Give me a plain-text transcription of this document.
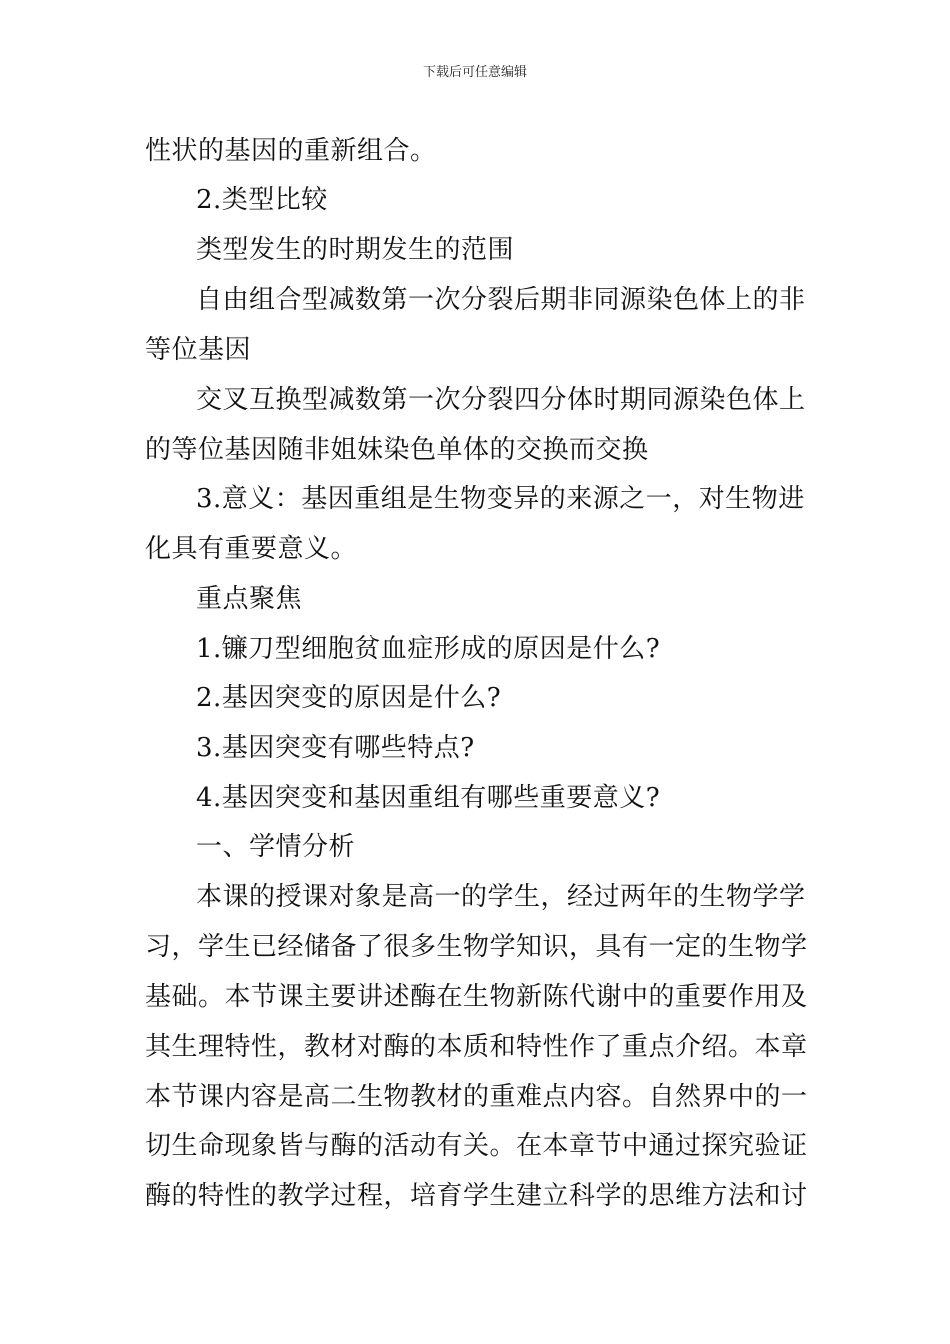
下载后可任意编辑
性状的基因的重新组合。
2.类型比较
类型发生的时期发生的范围
自由组合型减数第一次分裂后期非同源染色体上的非
等位基因
交叉互换型减数第一次分裂四分体时期同源染色体上
的等位基因随非姐妹染色单体的交换而交换
3.意义：基因重组是生物变异的来源之一，对生物进
化具有重要意义。
重点聚焦
1.镰刀型细胞贫血症形成的原因是什么?
2.基因突变的原因是什么?
3.基因突变有哪些特点?
4.基因突变和基因重组有哪些重要意义?
一、学情分析
本课的授课对象是高一的学生，经过两年的生物学学
习，学生已经储备了很多生物学知识，具有一定的生物学
基础。本节课主要讲述酶在生物新陈代谢中的重要作用及
其生理特性，教材对酶的本质和特性作了重点介绍。本章
本节课内容是高二生物教材的重难点内容。自然界中的一
切生命现象皆与酶的活动有关。在本章节中通过探究验证
酶的特性的教学过程，培育学生建立科学的思维方法和讨
